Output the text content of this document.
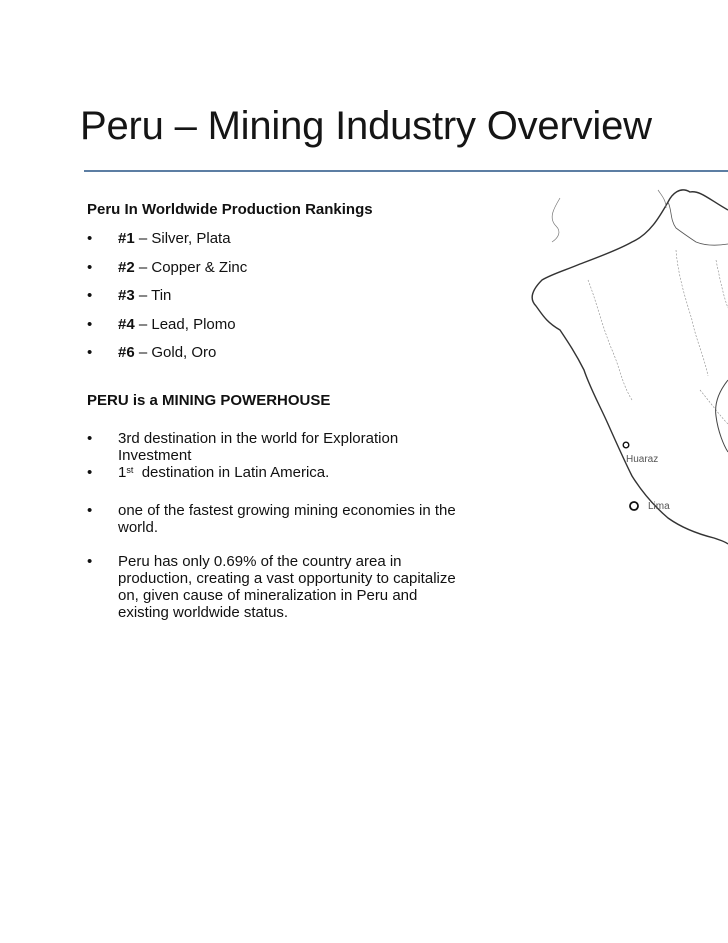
Peru – Mining Industry Overview
Peru In Worldwide Production Rankings
• #1 – Silver, Plata
• #2 – Copper & Zinc
• #3 – Tin
• #4 – Lead, Plomo
• #6 – Gold, Oro
PERU is a MINING POWERHOUSE
• 3rd destination in the world for Exploration Investment
• 1st  destination in Latin America.
• one of the fastest growing mining economies in the world.
• Peru has only 0.69% of the country area in production, creating a vast opportunity to capitalize on, given cause of mineralization in Peru and existing worldwide status.
Huaraz
Lima
